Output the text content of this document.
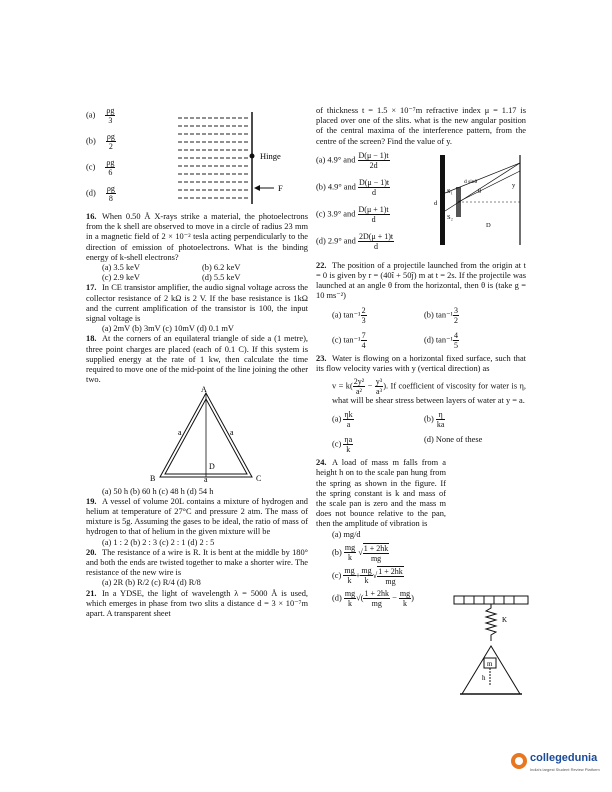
$(a) \frac{\rho g}{3}$
$(b) \frac{\rho g}{2}$
$(c) \frac{\rho g}{6}$
$(d) \frac{\rho g}{8}$
Hinge
F
16. When 0.50 Å X-rays strike a material, the photoelectrons from the k shell are observed to move in a circle of radius 23 mm in a magnetic field of 2 × 10⁻² tesla acting perpendicularly to the direction of emission of photoelectrons. What is the binding energy of k-shell electrons?
(a) 3.5 keV	(b) 6.2 keV
(c) 2.9 keV	(d) 5.5 keV
17. In CE transistor amplifier, the audio signal voltage across the collector resistance of 2 kΩ is 2 V. If the base resistance is 1kΩ and the current amplification of the transistor is 100, the input signal voltage is
(a) 2mV (b) 3mV (c) 10mV (d) 0.1 mV
18. At the corners of an equilateral triangle of side a (1 metre), three point charges are placed (each of 0.1 C). If this system is supplied energy at the rate of 1 kw, then calculate the time required to move one of the mid-point of the line joining the other two.
A
B	C
D
a	a
a
(a) 50 h (b) 60 h (c) 48 h (d) 54 h
19. A vessel of volume 20L contains a mixture of hydrogen and helium at temperature of 27°C and pressure 2 atm. The mass of mixture is 5g. Assuming the gases to be ideal, the ratio of mass of hydrogen to that of helium in the given mixture will be
(a) 1 : 2 (b) 2 : 3 (c) 2 : 1 (d) 2 : 5
20. The resistance of a wire is R. It is bent at the middle by 180° and both the ends are twisted together to make a shorter wire. The resistance of the new wire is
(a) 2R (b) R/2 (c) R/4 (d) R/8
21. In a YDSE, the light of wavelength λ = 5000 Å is used, which emerges in phase from two slits a distance d = 3 × 10⁻⁷m apart. A transparent sheet
of thickness t = 1.5 × 10⁻⁷m refractive index μ = 1.17 is placed over one of the slits. what is the new angular position of the central maxima of the interference pattern, from the centre of the screen? Find the value of y.
(a) 4.9° and $\frac{D(\mu - 1)t}{2d}$
(b) 4.9° and $\frac{D(\mu - 1)t}{d}$
(c) 3.9° and $\frac{D(\mu + 1)t}{d}$
(d) 2.9° and $\frac{2D(\mu + 1)t}{d}$
S₁
S₂
d
θ
d sinθ	y
D
22. The position of a projectile launched from the origin at t = 0 is given by r = (40î + 50ĵ) m at t = 2s. If the projectile was launched at an angle θ from the horizontal, then θ is (take g = 10 ms⁻²)
(a) $\tan^{-1} \frac{2}{3}$	(b) $\tan^{-1} \frac{3}{2}$
(c) $\tan^{-1} \frac{7}{4}$	(d) $\tan^{-1} \frac{4}{5}$
23. Water is flowing on a horizontal fixed surface, such that its flow velocity varies with y (vertical direction) as
$v = k( \frac{\text{2y²}}{\text{a²}} - \frac{\text{y³}}{\text{a³}}$ ). If coefficient of viscosity for water is η, what will be shear stress between layers of water at y = a.
$(a) \frac{\eta k}{a}$	$(b) \frac{\eta}{ka}$
$(c) \frac{\eta a}{k}$	(d) None of these
24. A load of mass m falls from a height h on to the scale pan hung from the spring as shown in the figure. If the spring constant is k and mass of the scale pan is zero and the mass m does not bounce relative to the pan, then the amplitude of vibration is
(a) mg/d
$(b) \frac{mg}{k}$ √ $\frac{1 + 2hk}{mg}$
$(c) \frac{mg}{k} + \frac{mg}{k}$ √ $\frac{1 + 2hk}{mg}$
$(d) \frac{mg}{k}$ √( $\frac{1 + 2hk}{mg} - \frac{mg}{k}$ )
K
m
h
collegedunia
India's largest Student Review Platform
